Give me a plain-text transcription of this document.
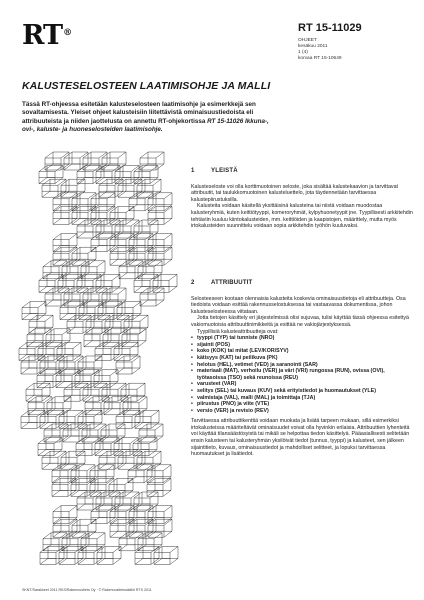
RT®	RT 15-11029
OHJEET
kesäkuu 2011
1 (4)
korvaa RT 15-10649
KALUSTESELOSTEEN LAATIMISOHJE JA MALLI
Tässä RT-ohjeessa esitetään kalusteselosteen laatimisohje ja esimerkkejä sen sovaltamisesta. Yleiset ohjeet kalusteisiin liitettävistä ominaisuustiedoista eli attribuuteista ja niiden jaottelusta on annettu RT-ohjekortissa RT 15-11026 Ikkuna-, ovi-, kaluste- ja huoneselosteiden laatimisohje.
1	YLEISTÄ

Kalusteseloste voi olla korttimuotoinen seloste, joka sisältää kalustekaavion ja tarvittavat attribuutit, tai taulukkomuotoinen kalusteluettelo, jota täydennetään tarvittaessa kalustepiirustuksilla.

Kalusteita voidaan käsitellä yksittäisinä kalusteina tai niistä voidaan muodostaa kalusteryhmiä, kuten keittiötyyppi, komeroryhmät, kylpyhuonetyypit jne. Tyypillisesti arkkitehdin tehtäviin kuuluu kiintokalusteiden, mm. keittiöiden ja kaapistojen, määrittely, mutta myös irtokalusteiden suunnittelu voidaan sopia arkkitehdin työhön kuuluvaksi.

2	ATTRIBUUTIT

Selosteeseen kootaan olennaisia kalusteita koskevia ominaisuustietoja eli attribuutteja. Osa tiedoista voidaan esittää rakennusselostuksessa tai vastaavassa dokumentissa, johon kalusteselosteessa viitataan.

Jotta tietojen käsittely eri järjestelmissä olisi sujuvaa, tulisi käyttää tässä ohjeessa esitettyä vakiomuotoisia attribuuttinimikkeitä ja esittää ne vakiojärjestyksessä.

Tyypillisiä kalusteattribuutteja ovat:

• tyyppi (TYP) tai tunniste (NRO)
• sijainti (POS)
• koko (KOK) tai mitat (LEV/KOR/SYV)
• kätisyys (KAT) tai peilikuva (PK)
• helotus (HEL), vetimet (VED) ja saranointi (SAR)
• materiaali (MAT), verhoilu (VER) ja väri (VRI) rungossa (RUN), ovissa (OVI), työtasoissa (TSO) sekä reunoissa (REU)
• varusteet (VAR)
• selitys (SEL) tai kuvaus (KUV) sekä erityistiedot ja huomautukset (YLE)
• valmistaja (VAL), malli (MAL) ja toimittaja (TJA)
• piirustus (PNO) ja viite (VTE)
• versio (VER) ja revisio (REV)

Tarvittaessa attribuuttikenttiä voidaan muokata ja lisätä tarpeen mukaan, sillä esimerkiksi irtokalusteissa määriteltävät ominaisuudet voivat olla hyvinkin erilaisia. Attribuuttien lyhenteitä voi käyttää tilansäästösyistä tai mikäli se helpottaa tiedon käsittelyä. Pääasiallisesti selitetään ensin kalusteen tai kalusteryhmän yksilöivät tiedot (tunnus, tyyppi) ja kalusteet, sen jälkeen sijaintitieto, kuvaus, ominaisuustiedot ja mahdolliset selitteet, ja lopuksi tarvittaessa huomautukset ja lisätiedot.

SKNT/Sarakkeet 2011 RKS/Rakennustieto Oy · © Rakennustietosäätiö RTS 2011
